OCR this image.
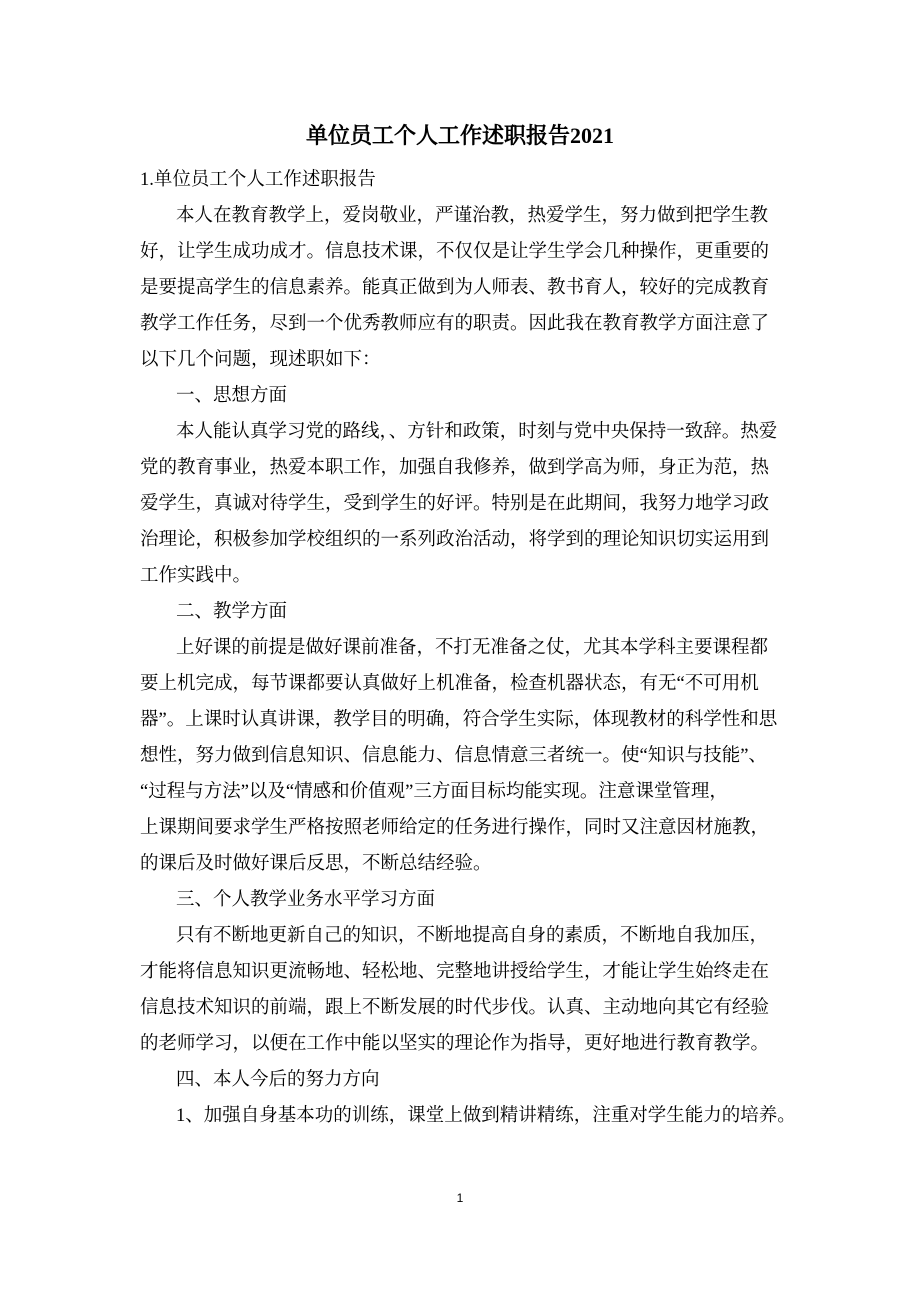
单位员工个人工作述职报告2021
1.单位员工个人工作述职报告
本人在教育教学上，爱岗敬业，严谨治教，热爱学生，努力做到把学生教
好，让学生成功成才。信息技术课，不仅仅是让学生学会几种操作，更重要的
是要提高学生的信息素养。能真正做到为人师表、教书育人，较好的完成教育
教学工作任务，尽到一个优秀教师应有的职责。因此我在教育教学方面注意了
以下几个问题，现述职如下：
一、思想方面
本人能认真学习党的路线，、方针和政策，时刻与党中央保持一致辞。热爱
党的教育事业，热爱本职工作，加强自我修养，做到学高为师，身正为范，热
爱学生，真诚对待学生，受到学生的好评。特别是在此期间，我努力地学习政
治理论，积极参加学校组织的一系列政治活动，将学到的理论知识切实运用到
工作实践中。
二、教学方面
上好课的前提是做好课前准备，不打无准备之仗，尤其本学科主要课程都
要上机完成，每节课都要认真做好上机准备，检查机器状态，有无“不可用机
器”。上课时认真讲课，教学目的明确，符合学生实际，体现教材的科学性和思
想性，努力做到信息知识、信息能力、信息情意三者统一。使“知识与技能”、
“过程与方法”以及“情感和价值观”三方面目标均能实现。注意课堂管理，
上课期间要求学生严格按照老师给定的任务进行操作，同时又注意因材施教，
的课后及时做好课后反思，不断总结经验。
三、个人教学业务水平学习方面
只有不断地更新自己的知识，不断地提高自身的素质，不断地自我加压，
才能将信息知识更流畅地、轻松地、完整地讲授给学生，才能让学生始终走在
信息技术知识的前端，跟上不断发展的时代步伐。认真、主动地向其它有经验
的老师学习，以便在工作中能以坚实的理论作为指导，更好地进行教育教学。
四、本人今后的努力方向
1、加强自身基本功的训练，课堂上做到精讲精练，注重对学生能力的培养。
1
